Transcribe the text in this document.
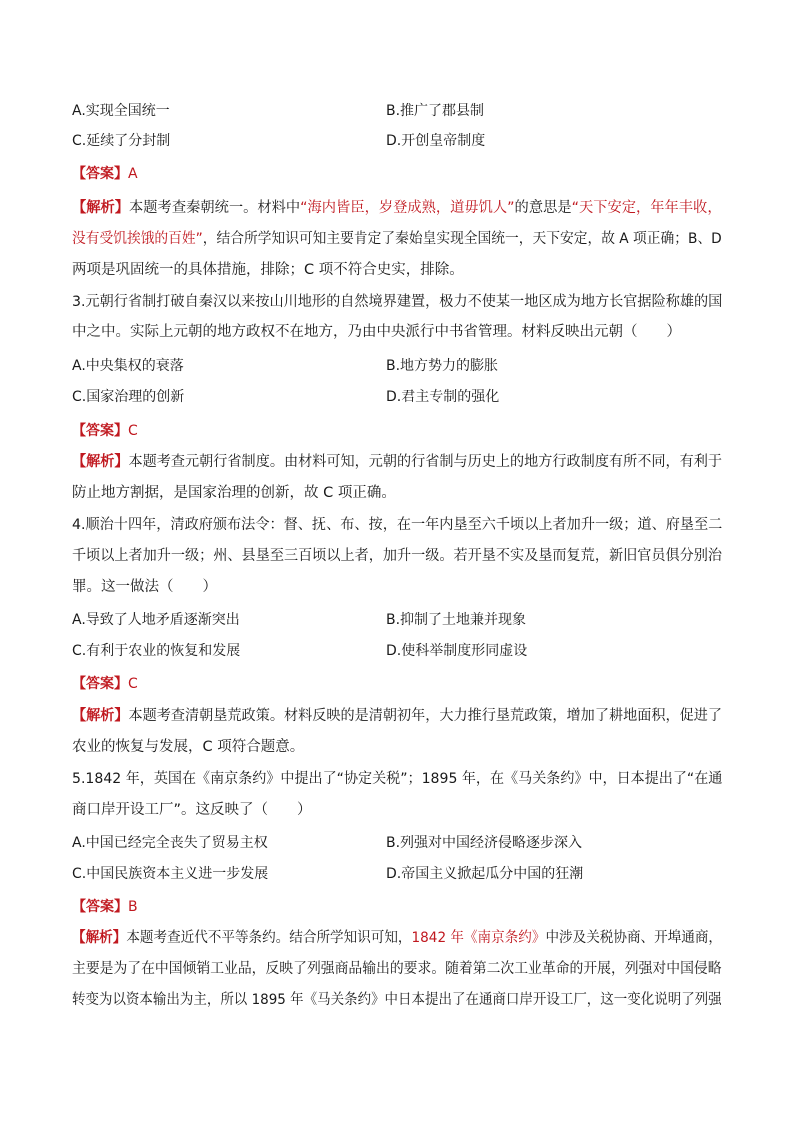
A.实现全国统一	B.推广了郡县制
C.延续了分封制	D.开创皇帝制度
【答案】A
【解析】本题考查秦朝统一。材料中“海内皆臣，岁登成熟，道毋饥人”的意思是“天下安定，年年丰收，
没有受饥挨饿的百姓”，结合所学知识可知主要肯定了秦始皇实现全国统一，天下安定，故 A 项正确；B、D
两项是巩固统一的具体措施，排除；C 项不符合史实，排除。
3.元朝行省制打破自秦汉以来按山川地形的自然境界建置，极力不使某一地区成为地方长官据险称雄的国
中之中。实际上元朝的地方政权不在地方，乃由中央派行中书省管理。材料反映出元朝（　　）
A.中央集权的衰落	B.地方势力的膨胀
C.国家治理的创新	D.君主专制的强化
【答案】C
【解析】本题考查元朝行省制度。由材料可知，元朝的行省制与历史上的地方行政制度有所不同，有利于
防止地方割据，是国家治理的创新，故 C 项正确。
4.顺治十四年，清政府颁布法令：督、抚、布、按，在一年内垦至六千顷以上者加升一级；道、府垦至二
千顷以上者加升一级；州、县垦至三百顷以上者，加升一级。若开垦不实及垦而复荒，新旧官员俱分别治
罪。这一做法（　　）
A.导致了人地矛盾逐渐突出	B.抑制了土地兼并现象
C.有利于农业的恢复和发展	D.使科举制度形同虚设
【答案】C
【解析】本题考查清朝垦荒政策。材料反映的是清朝初年，大力推行垦荒政策，增加了耕地面积，促进了
农业的恢复与发展，C 项符合题意。
5.1842 年，英国在《南京条约》中提出了“协定关税”；1895 年，在《马关条约》中，日本提出了“在通
商口岸开设工厂”。这反映了（　　）
A.中国已经完全丧失了贸易主权	B.列强对中国经济侵略逐步深入
C.中国民族资本主义进一步发展	D.帝国主义掀起瓜分中国的狂潮
【答案】B
【解析】本题考查近代不平等条约。结合所学知识可知，1842 年《南京条约》中涉及关税协商、开埠通商，
主要是为了在中国倾销工业品，反映了列强商品输出的要求。随着第二次工业革命的开展，列强对中国侵略
转变为以资本输出为主，所以 1895 年《马关条约》中日本提出了在通商口岸开设工厂，这一变化说明了列强
